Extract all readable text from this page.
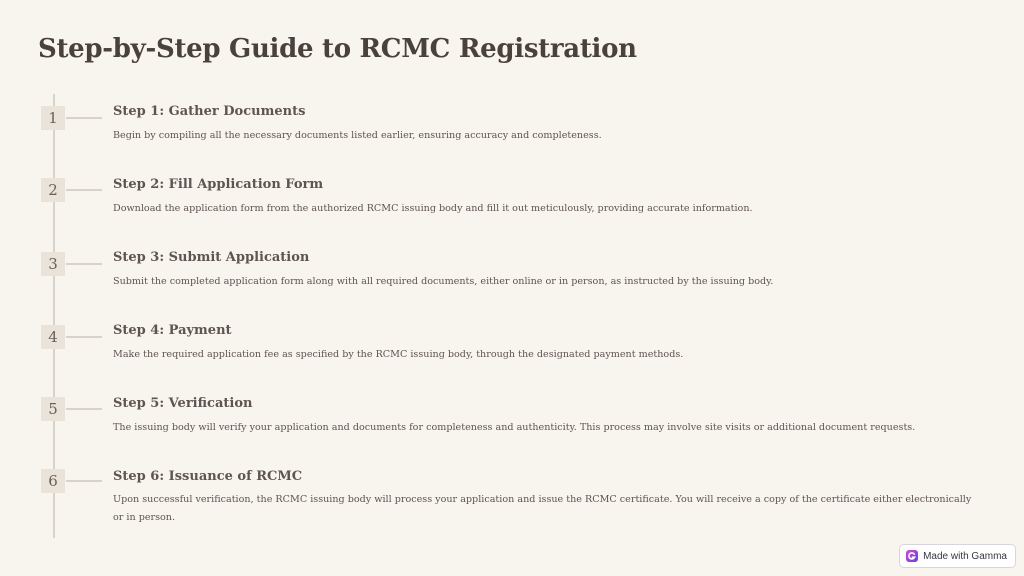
Step-by-Step Guide to RCMC Registration
1	Step 1: Gather Documents
Begin by compiling all the necessary documents listed earlier, ensuring accuracy and completeness.
2	Step 2: Fill Application Form
Download the application form from the authorized RCMC issuing body and fill it out meticulously, providing accurate information.
3	Step 3: Submit Application
Submit the completed application form along with all required documents, either online or in person, as instructed by the issuing body.
4	Step 4: Payment
Make the required application fee as specified by the RCMC issuing body, through the designated payment methods.
5	Step 5: Verification
The issuing body will verify your application and documents for completeness and authenticity. This process may involve site visits or additional document requests.
6	Step 6: Issuance of RCMC
Upon successful verification, the RCMC issuing body will process your application and issue the RCMC certificate. You will receive a copy of the certificate either electronically or in person.
Made with Gamma
